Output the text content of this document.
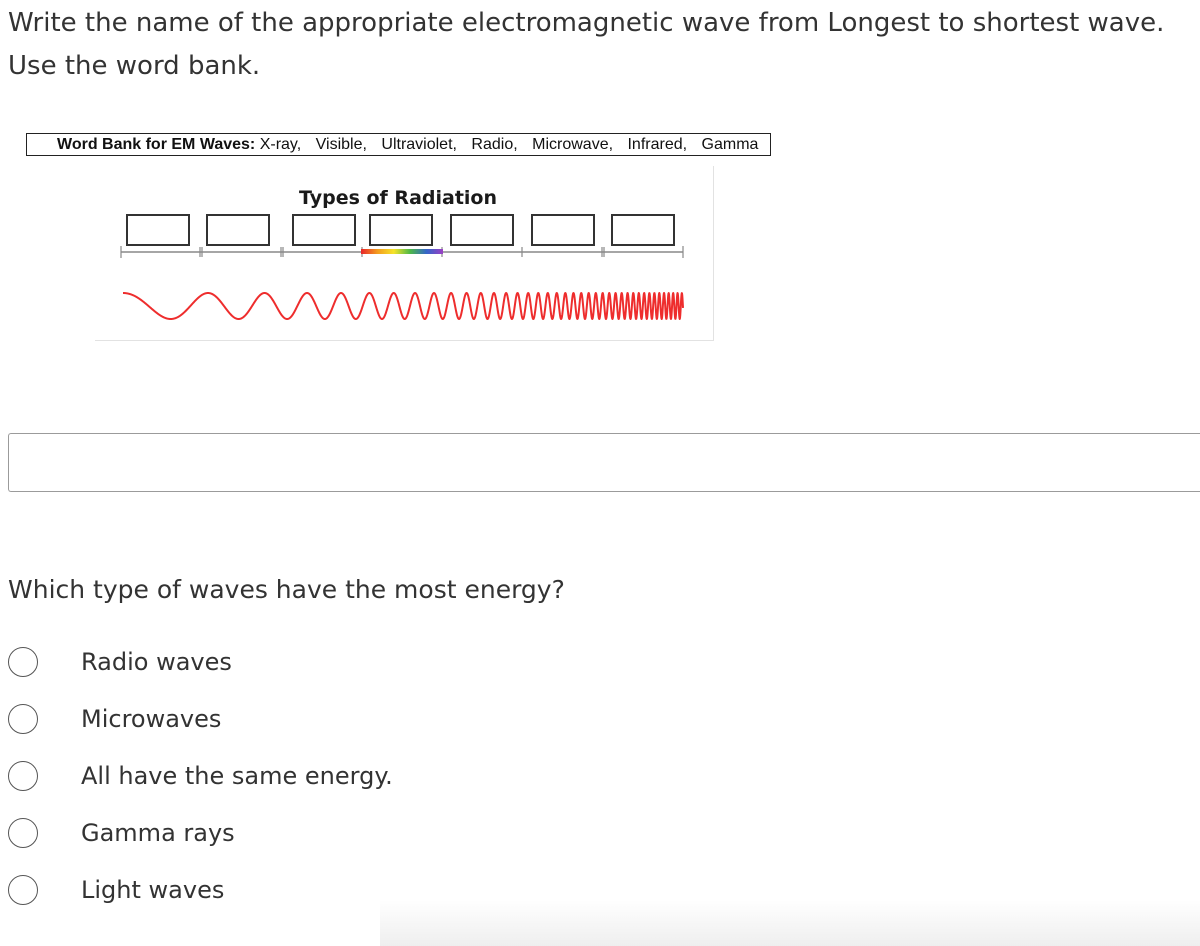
Write the name of the appropriate electromagnetic wave from Longest to shortest wave. Use the word bank.

Word Bank for EM Waves: X-ray, Visible, Ultraviolet, Radio, Microwave, Infrared, Gamma
Types of Radiation

Which type of waves have the most energy?

Radio waves
Microwaves
All have the same energy.
Gamma rays
Light waves
